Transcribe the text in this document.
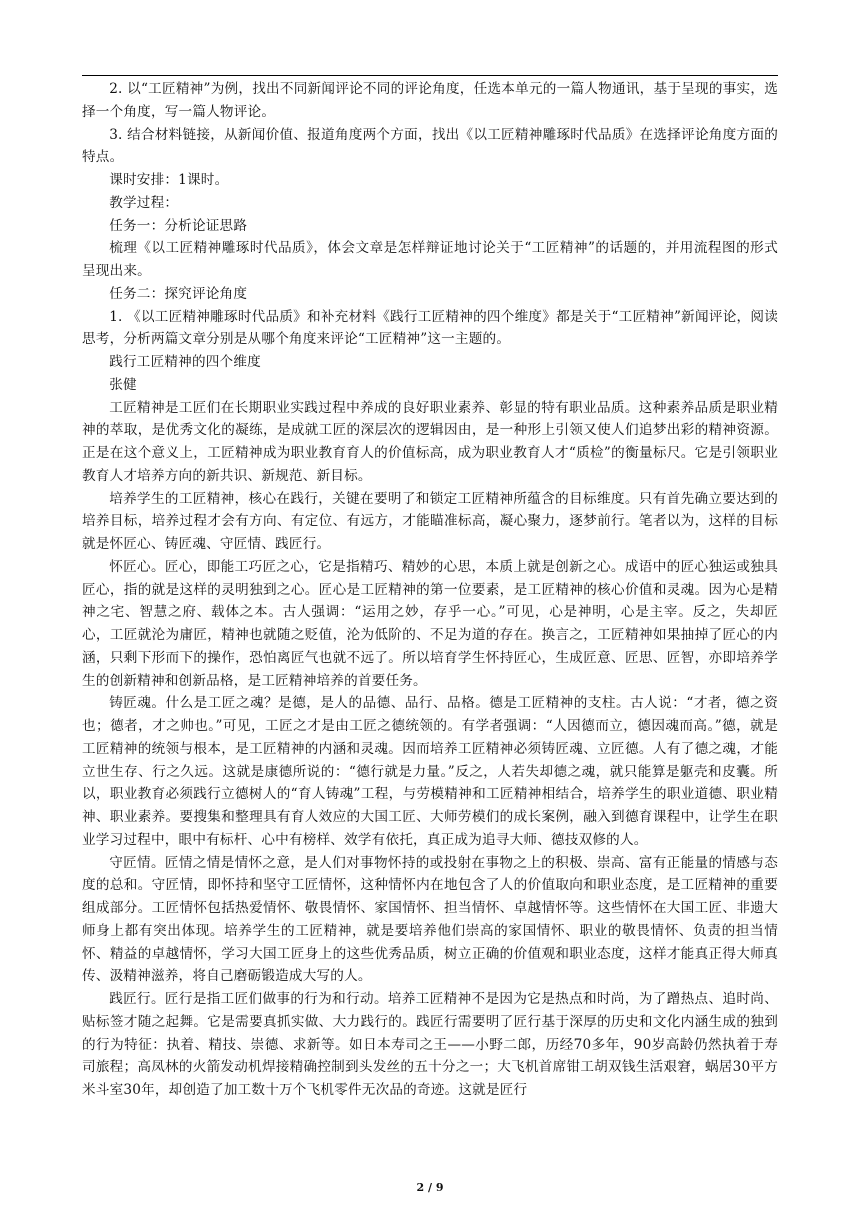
2. 以“工匠精神”为例，找出不同新闻评论不同的评论角度，任选本单元的一篇人物通讯，基于呈现的事实，选择一个角度，写一篇人物评论。

3. 结合材料链接，从新闻价值、报道角度两个方面，找出《以工匠精神雕琢时代品质》在选择评论角度方面的特点。

课时安排：1课时。

教学过程：

任务一：分析论证思路

梳理《以工匠精神雕琢时代品质》，体会文章是怎样辩证地讨论关于“工匠精神”的话题的，并用流程图的形式呈现出来。

任务二：探究评论角度

1. 《以工匠精神雕琢时代品质》和补充材料《践行工匠精神的四个维度》都是关于“工匠精神”新闻评论，阅读思考，分析两篇文章分别是从哪个角度来评论“工匠精神”这一主题的。

践行工匠精神的四个维度

张健

工匠精神是工匠们在长期职业实践过程中养成的良好职业素养、彰显的特有职业品质。这种素养品质是职业精神的萃取，是优秀文化的凝练，是成就工匠的深层次的逻辑因由，是一种形上引领又使人们追梦出彩的精神资源。正是在这个意义上，工匠精神成为职业教育育人的价值标高，成为职业教育人才“质检”的衡量标尺。它是引领职业教育人才培养方向的新共识、新规范、新目标。

培养学生的工匠精神，核心在践行，关键在要明了和锁定工匠精神所蕴含的目标维度。只有首先确立要达到的培养目标，培养过程才会有方向、有定位、有远方，才能瞄准标高，凝心聚力，逐梦前行。笔者以为，这样的目标就是怀匠心、铸匠魂、守匠情、践匠行。

怀匠心。匠心，即能工巧匠之心，它是指精巧、精妙的心思，本质上就是创新之心。成语中的匠心独运或独具匠心，指的就是这样的灵明独到之心。匠心是工匠精神的第一位要素，是工匠精神的核心价值和灵魂。因为心是精神之宅、智慧之府、载体之本。古人强调：“运用之妙，存乎一心。”可见，心是神明，心是主宰。反之，失却匠心，工匠就沦为庸匠，精神也就随之贬值，沦为低阶的、不足为道的存在。换言之，工匠精神如果抽掉了匠心的内涵，只剩下形而下的操作，恐怕离匠气也就不远了。所以培育学生怀持匠心，生成匠意、匠思、匠智，亦即培养学生的创新精神和创新品格，是工匠精神培养的首要任务。

铸匠魂。什么是工匠之魂？是德，是人的品德、品行、品格。德是工匠精神的支柱。古人说：“才者，德之资也；德者，才之帅也。”可见，工匠之才是由工匠之德统领的。有学者强调：“人因德而立，德因魂而高。”德，就是工匠精神的统领与根本，是工匠精神的内涵和灵魂。因而培养工匠精神必须铸匠魂、立匠德。人有了德之魂，才能立世生存、行之久远。这就是康德所说的：“德行就是力量。”反之，人若失却德之魂，就只能算是躯壳和皮囊。所以，职业教育必须践行立德树人的“育人铸魂”工程，与劳模精神和工匠精神相结合，培养学生的职业道德、职业精神、职业素养。要搜集和整理具有育人效应的大国工匠、大师劳模们的成长案例，融入到德育课程中，让学生在职业学习过程中，眼中有标杆、心中有榜样、效学有依托，真正成为追寻大师、德技双修的人。

守匠情。匠情之情是情怀之意，是人们对事物怀持的或投射在事物之上的积极、崇高、富有正能量的情感与态度的总和。守匠情，即怀持和坚守工匠情怀，这种情怀内在地包含了人的价值取向和职业态度，是工匠精神的重要组成部分。工匠情怀包括热爱情怀、敬畏情怀、家国情怀、担当情怀、卓越情怀等。这些情怀在大国工匠、非遗大师身上都有突出体现。培养学生的工匠精神，就是要培养他们崇高的家国情怀、职业的敬畏情怀、负责的担当情怀、精益的卓越情怀，学习大国工匠身上的这些优秀品质，树立正确的价值观和职业态度，这样才能真正得大师真传、汲精神滋养，将自己磨砺锻造成大写的人。

践匠行。匠行是指工匠们做事的行为和行动。培养工匠精神不是因为它是热点和时尚，为了蹭热点、追时尚、贴标签才随之起舞。它是需要真抓实做、大力践行的。践匠行需要明了匠行基于深厚的历史和文化内涵生成的独到的行为特征：执着、精技、崇德、求新等。如日本寿司之王——小野二郎，历经70多年，90岁高龄仍然执着于寿司旅程；高凤林的火箭发动机焊接精确控制到头发丝的五十分之一；大飞机首席钳工胡双钱生活艰窘，蜗居30平方米斗室30年，却创造了加工数十万个飞机零件无次品的奇迹。这就是匠行

2 / 9
